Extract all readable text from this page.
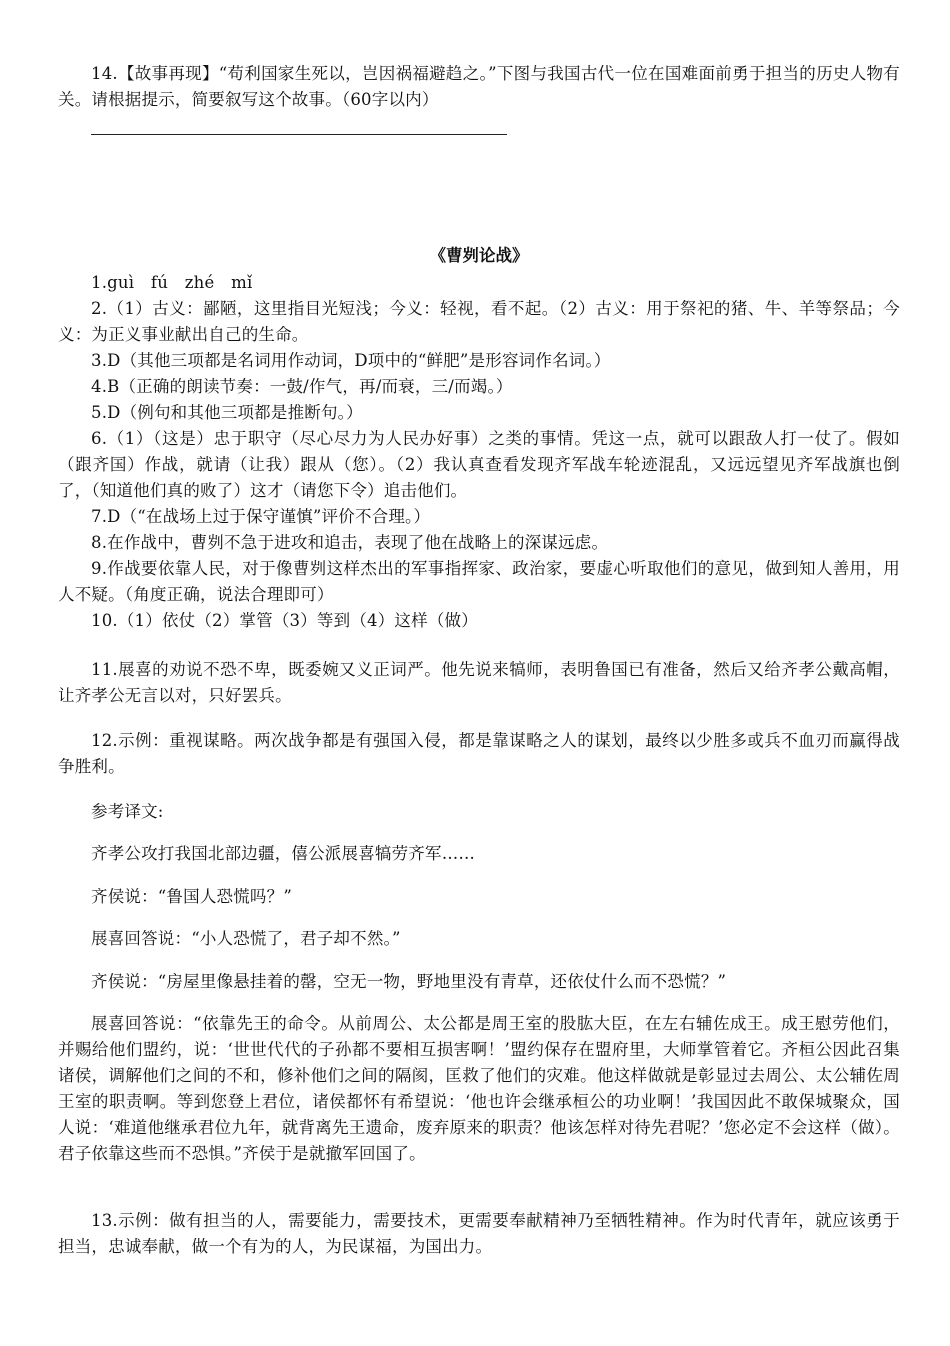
14.【故事再现】“苟利国家生死以，岂因祸福避趋之。”下图与我国古代一位在国难面前勇于担当的历史人物有关。请根据提示，简要叙写这个故事。（60字以内）

《曹刿论战》

1.guì　fú　zhé　mǐ

2.（1）古义：鄙陋，这里指目光短浅；今义：轻视，看不起。（2）古义：用于祭祀的猪、牛、羊等祭品；今义：为正义事业献出自己的生命。

3.D（其他三项都是名词用作动词，D项中的“鲜肥”是形容词作名词。）

4.B（正确的朗读节奏：一鼓/作气，再/而衰，三/而竭。）

5.D（例句和其他三项都是推断句。）

6.（1）（这是）忠于职守（尽心尽力为人民办好事）之类的事情。凭这一点，就可以跟敌人打一仗了。假如（跟齐国）作战，就请（让我）跟从（您）。（2）我认真查看发现齐军战车轮迹混乱，又远远望见齐军战旗也倒了，（知道他们真的败了）这才（请您下令）追击他们。

7.D（“在战场上过于保守谨慎”评价不合理。）

8.在作战中，曹刿不急于进攻和追击，表现了他在战略上的深谋远虑。

9.作战要依靠人民，对于像曹刿这样杰出的军事指挥家、政治家，要虚心听取他们的意见，做到知人善用，用人不疑。（角度正确，说法合理即可）

10.（1）依仗（2）掌管（3）等到（4）这样（做）

11.展喜的劝说不恐不卑，既委婉又义正词严。他先说来犒师，表明鲁国已有准备，然后又给齐孝公戴高帽，让齐孝公无言以对，只好罢兵。

12.示例：重视谋略。两次战争都是有强国入侵，都是靠谋略之人的谋划，最终以少胜多或兵不血刃而赢得战争胜利。

参考译文:

齐孝公攻打我国北部边疆，僖公派展喜犒劳齐军……

齐侯说：“鲁国人恐慌吗？”

展喜回答说：“小人恐慌了，君子却不然。”

齐侯说：“房屋里像悬挂着的罄，空无一物，野地里没有青草，还依仗什么而不恐慌？”

展喜回答说：“依靠先王的命令。从前周公、太公都是周王室的股肱大臣，在左右辅佐成王。成王慰劳他们，并赐给他们盟约，说：‘世世代代的子孙都不要相互损害啊！’盟约保存在盟府里，大师掌管着它。齐桓公因此召集诸侯，调解他们之间的不和，修补他们之间的隔阂，匡救了他们的灾难。他这样做就是彰显过去周公、太公辅佐周王室的职责啊。等到您登上君位，诸侯都怀有希望说：‘他也许会继承桓公的功业啊！’我国因此不敢保城聚众，国人说：‘难道他继承君位九年，就背离先王遗命，废弃原来的职责？他该怎样对待先君呢？’您必定不会这样（做）。君子依靠这些而不恐惧。”齐侯于是就撤军回国了。

13.示例：做有担当的人，需要能力，需要技术，更需要奉献精神乃至牺牲精神。作为时代青年，就应该勇于担当，忠诚奉献，做一个有为的人，为民谋福，为国出力。
